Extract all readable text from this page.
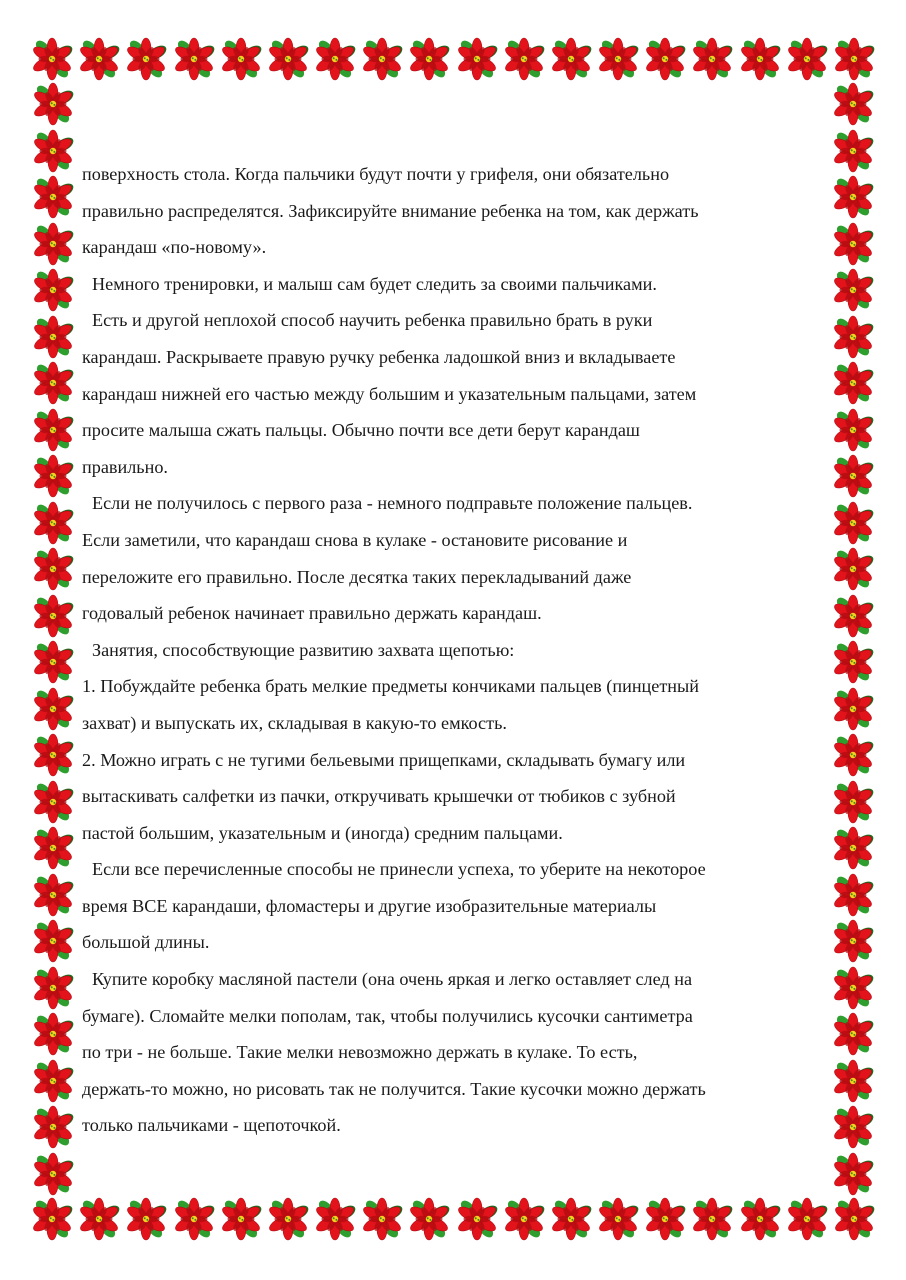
поверхность стола. Когда пальчики будут почти у грифеля, они обязательно
правильно распределятся. Зафиксируйте внимание ребенка на том, как держать
карандаш «по-новому».
Немного тренировки, и малыш сам будет следить за своими пальчиками.
Есть и другой неплохой способ научить ребенка правильно брать в руки
карандаш. Раскрываете правую ручку ребенка ладошкой вниз и вкладываете
карандаш нижней его частью между большим и указательным пальцами, затем
просите малыша сжать пальцы. Обычно почти все дети берут карандаш
правильно.
Если не получилось с первого раза - немного подправьте положение пальцев.
Если заметили, что карандаш снова в кулаке - остановите рисование и
переложите его правильно. После десятка таких перекладываний даже
годовалый ребенок начинает правильно держать карандаш.
Занятия, способствующие развитию захвата щепотью:
1. Побуждайте ребенка брать мелкие предметы кончиками пальцев (пинцетный
захват) и выпускать их, складывая в какую-то емкость.
2. Можно играть с не тугими бельевыми прищепками, складывать бумагу или
вытаскивать салфетки из пачки, откручивать крышечки от тюбиков с зубной
пастой большим, указательным и (иногда) средним пальцами.
Если все перечисленные способы не принесли успеха, то уберите на некоторое
время ВСЕ карандаши, фломастеры и другие изобразительные материалы
большой длины.
Купите коробку масляной пастели (она очень яркая и легко оставляет след на
бумаге). Сломайте мелки пополам, так, чтобы получились кусочки сантиметра
по три - не больше. Такие мелки невозможно держать в кулаке. То есть,
держать-то можно, но рисовать так не получится. Такие кусочки можно держать
только пальчиками - щепоточкой.
